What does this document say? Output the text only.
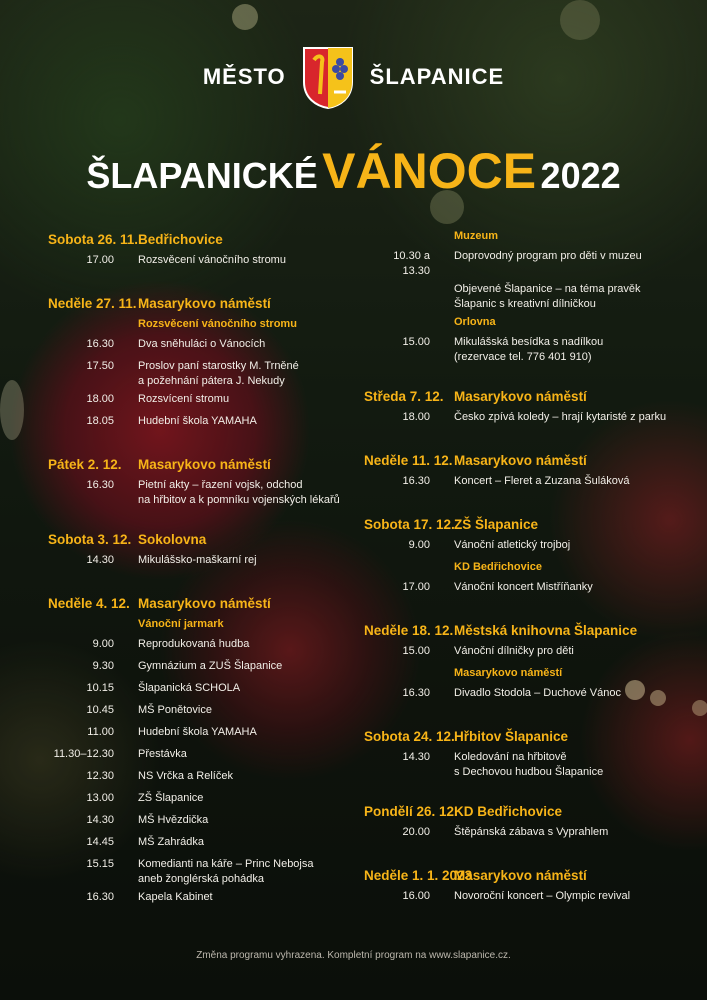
MĚSTO	ŠLAPANICE
ŠLAPANICKÉ VÁNOCE 2022
Sobota 26. 11. Bedřichovice
17.00 Rozsvěcení vánočního stromu
Neděle 27. 11. Masarykovo náměstí
Rozsvěcení vánočního stromu
16.30 Dva sněhuláci o Vánocích
17.50 Proslov paní starostky M. Trněné
a požehnání pátera J. Nekudy
18.00 Rozsvícení stromu
18.05 Hudební škola YAMAHA
Pátek 2. 12.	Masarykovo náměstí
16.30 Pietní akty – řazení vojsk, odchod
na hřbitov a k pomníku vojenských lékařů
Sobota 3. 12. Sokolovna
14.30 Mikulášsko-maškarní rej
Neděle 4. 12. Masarykovo náměstí
Vánoční jarmark
9.00 Reprodukovaná hudba
9.30 Gymnázium a ZUŠ Šlapanice
10.15 Šlapanická SCHOLA
10.45 MŠ Ponětovice
11.00 Hudební škola YAMAHA
11.30–12.30 Přestávka
12.30 NS Vrčka a Relíček
13.00 ZŠ Šlapanice
14.30 MŠ Hvězdička
14.45 MŠ Zahrádka
15.15 Komedianti na káře – Princ Nebojsa
aneb žonglérská pohádka
16.30 Kapela Kabinet
Muzeum
10.30 a 13.30
Doprovodný program pro děti v muzeu
Objevené Šlapanice – na téma pravěk
Šlapanic s kreativní dílničkou
Orlovna
15.00 Mikulášská besídka s nadílkou
(rezervace tel. 776 401 910)
Středa 7. 12. Masarykovo náměstí
18.00 Česko zpívá koledy – hrají kytaristé z parku
Neděle 11. 12. Masarykovo náměstí
16.30 Koncert – Fleret a Zuzana Šuláková
Sobota 17. 12. ZŠ Šlapanice
9.00 Vánoční atletický trojboj
KD Bedřichovice
17.00 Vánoční koncert Mistříňanky
Neděle 18. 12. Městská knihovna Šlapanice
15.00 Vánoční dílničky pro děti
Masarykovo náměstí
16.30 Divadlo Stodola – Duchové Vánoc
Sobota 24. 12. Hřbitov Šlapanice
14.30 Koledování na hřbitově
s Dechovou hudbou Šlapanice
Pondělí 26. 12.
KD Bedřichovice
20.00 Štěpánská zábava s Vyprahlem
Neděle 1. 1. 2023
Masarykovo náměstí
16.00 Novoroční koncert – Olympic revival
Změna programu vyhrazena. Kompletní program na www.slapanice.cz.
